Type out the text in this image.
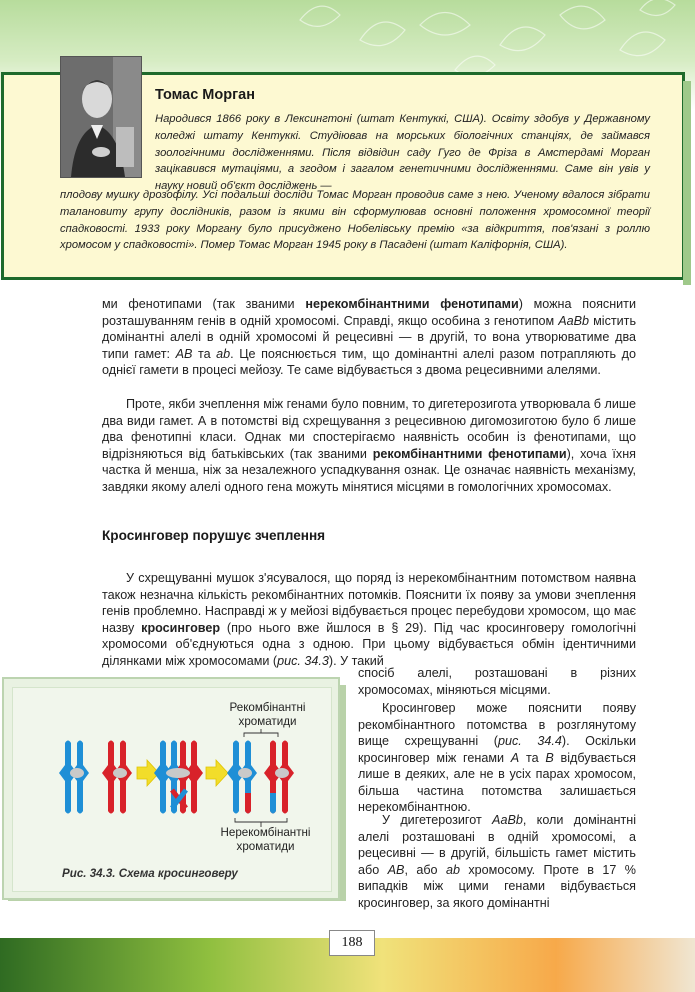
Томас Морган

Народився 1866 року в Лексингтоні (штат Кентуккі, США). Освіту здобув у Державному коледжі штату Кентуккі. Студіював на морських біологічних станціях, де займався зоологічними дослідженнями. Після відвідин саду Гуго де Фріза в Амстердамі Морган зацікавився мутаціями, а згодом і загалом генетичними дослідженнями. Саме він увів у науку новий об'єкт досліджень —

плодову мушку дрозофілу. Усі подальші досліди Томас Морган проводив саме з нею. Ученому вдалося зібрати талановиту групу дослідників, разом із якими він сформулював основні положення хромосомної теорії спадковості. 1933 року Моргану було присуджено Нобелівську премію «за відкриття, пов'язані з роллю хромосом у спадковості». Помер Томас Морган 1945 року в Пасадені (штат Каліфорнія, США).

ми фенотипами (так званими нерекомбінантними фенотипами) можна пояснити розташуванням генів в одній хромосомі. Справді, якщо особина з генотипом AaBb містить домінантні алелі в одній хромосомі й рецесивні — в другій, то вона утворюватиме два типи гамет: AB та ab. Це пояснюється тим, що домінантні алелі разом потрапляють до однієї гамети в процесі мейозу. Те саме відбувається з двома рецесивними алелями.

Проте, якби зчеплення між генами було повним, то дигетерозигота утворювала б лише два види гамет. А в потомстві від схрещування з рецесивною дигомозиготою було б лише два фенотипні класи. Однак ми спостерігаємо наявність особин із фенотипами, що відрізняються від батьківських (так званими рекомбінантними фенотипами), хоча їхня частка й менша, ніж за незалежного успадкування ознак. Це означає наявність механізму, завдяки якому алелі одного гена можуть мінятися місцями в гомологічних хромосомах.

Кросинговер порушує зчеплення

У схрещуванні мушок з'ясувалося, що поряд із нерекомбінантним потомством наявна також незначна кількість рекомбінантних потомків. Пояснити їх появу за умови зчеплення генів проблемно. Насправді ж у мейозі відбувається процес перебудови хромосом, що має назву кросинговер (про нього вже йшлося в § 29). Під час кросинговеру гомологічні хромосоми об'єднуються одна з одною. При цьому відбувається обмін ідентичними ділянками між хромосомами (рис. 34.3). У такий

спосіб алелі, розташовані в різних хромосомах, міняються місцями.

Кросинговер може пояснити появу рекомбінантного потомства в розглянутому вище схрещуванні (рис. 34.4). Оскільки кросинговер між генами A та B відбувається лише в деяких, але не в усіх парах хромосом, більша частина потомства залишається нерекомбінантною.

У дигетерозигот AaBb, коли домінантні алелі розташовані в одній хромосомі, а рецесивні — в другій, більшість гамет містить або AB, або ab хромосому. Проте в 17 % випадків між цими генами відбувається кросинговер, за якого домінантні

Рекомбінантні
хроматиди
Нерекомбінантні
хроматиди
Рис. 34.3. Схема кросинговеру
188
